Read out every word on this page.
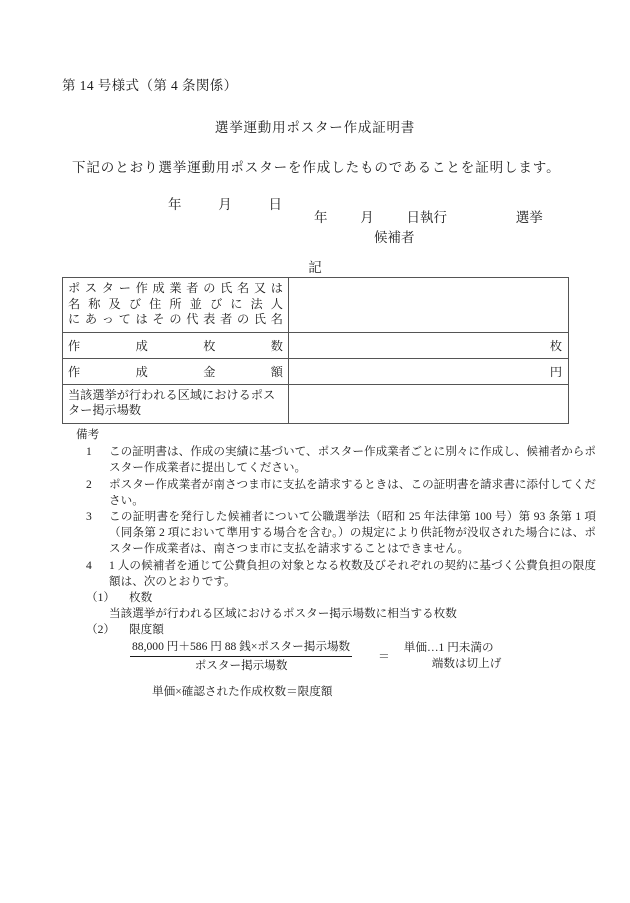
第 14 号様式（第 4 条関係）
選挙運動用ポスター作成証明書
下記のとおり選挙運動用ポスターを作成したものであることを証明します。
年	月	日
年 月 日執行	選挙
候補者
記
ポスター作成業者の氏名又は
名称及び住所並びに法人
にあってはその代表者の氏名	

作成枚数	枚

作成金額	円

当該選挙が行われる区域におけるポスター掲示場数	

備考
1 この証明書は、作成の実績に基づいて、ポスター作成業者ごとに別々に作成し、候補者からポスター作成業者に提出してください。
2 ポスター作成業者が南さつま市に支払を請求するときは、この証明書を請求書に添付してください。
3 この証明書を発行した候補者について公職選挙法（昭和 25 年法律第 100 号）第 93 条第 1 項（同条第 2 項において準用する場合を含む。）の規定により供託物が没収された場合には、ポスター作成業者は、南さつま市に支払を請求することはできません。
4 1 人の候補者を通じて公費負担の対象となる枚数及びそれぞれの契約に基づく公費負担の限度額は、次のとおりです。
（1） 枚数
当該選挙が行われる区域におけるポスター掲示場数に相当する枚数
（2） 限度額
$\frac{\text{88,000 円＋586 円 88 銭×ポスター掲示場数}}{\text{ポスター掲示場数}}$	＝
単価…1 円未満の
端数は切上げ
単価×確認された作成枚数＝限度額
